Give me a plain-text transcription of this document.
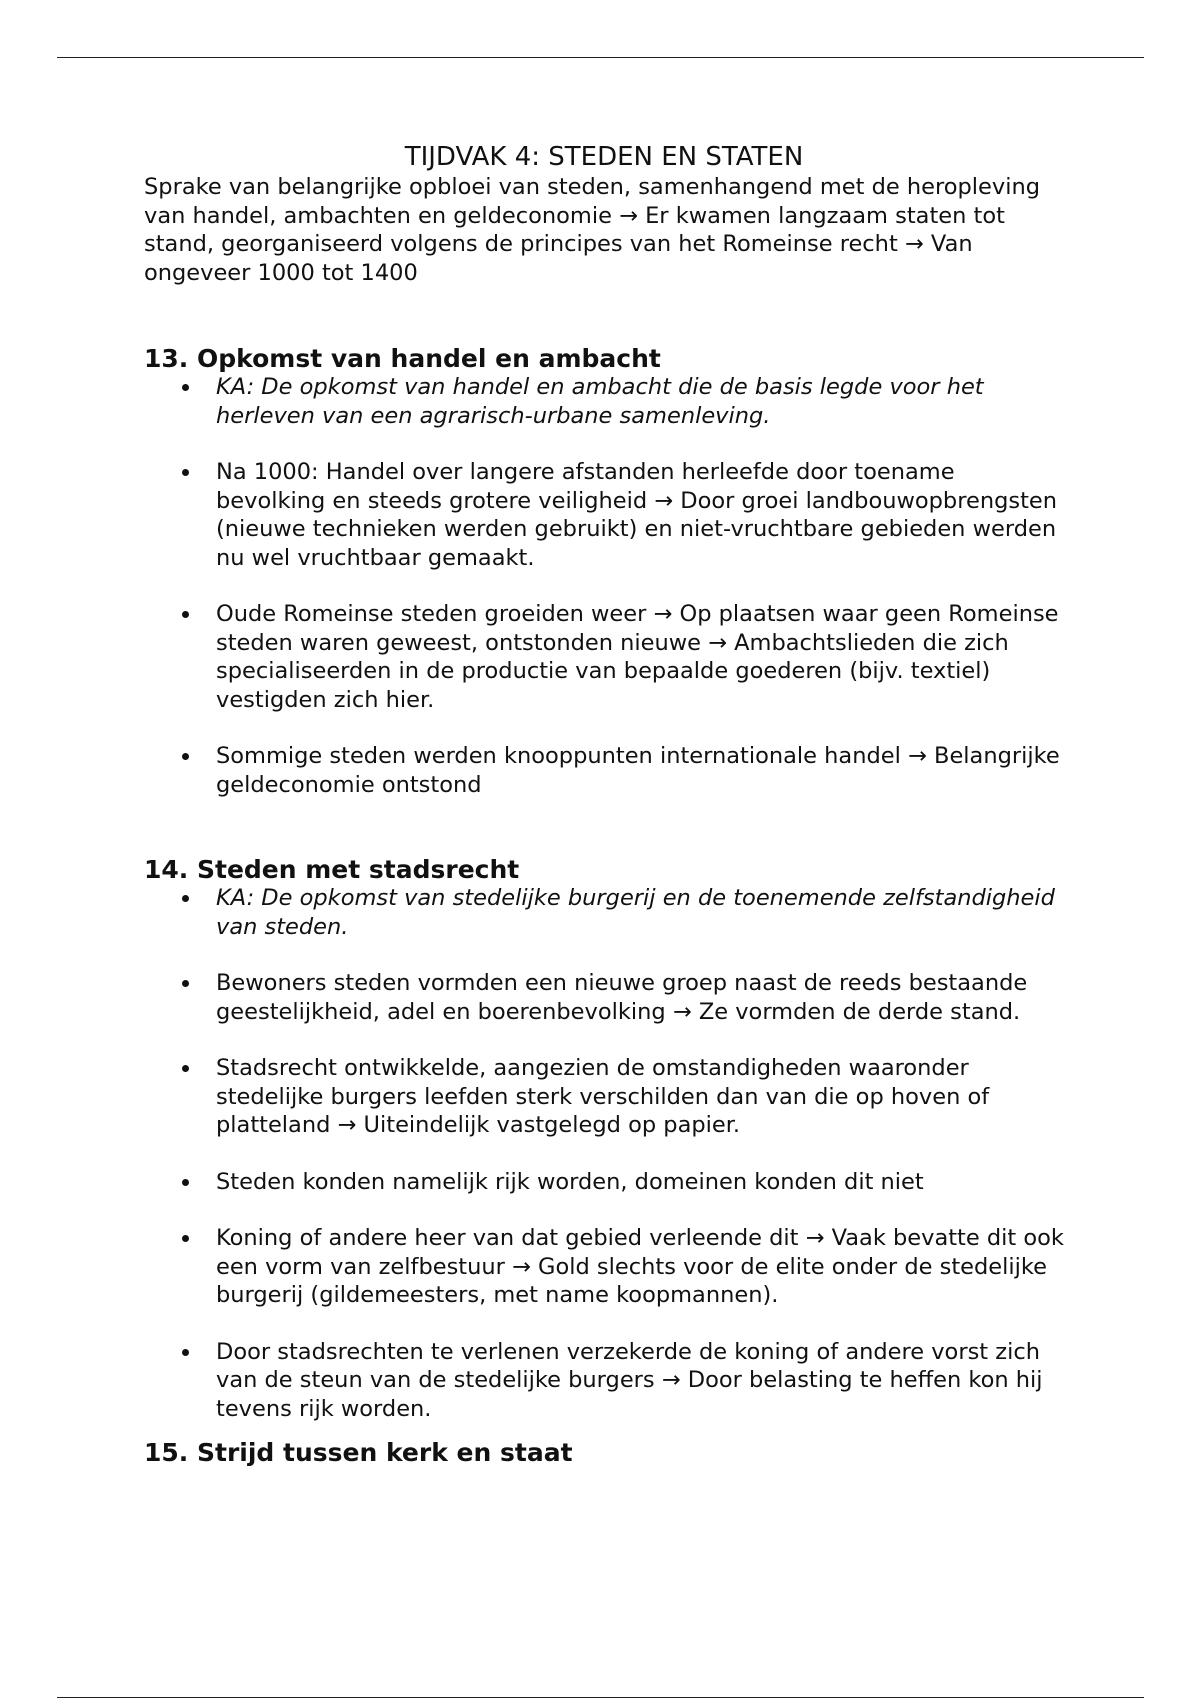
TIJDVAK 4: STEDEN EN STATEN

Sprake van belangrijke opbloei van steden, samenhangend met de heropleving van handel, ambachten en geldeconomie → Er kwamen langzaam staten tot stand, georganiseerd volgens de principes van het Romeinse recht → Van ongeveer 1000 tot 1400

13. Opkomst van handel en ambacht
KA: De opkomst van handel en ambacht die de basis legde voor het herleven van een agrarisch-urbane samenleving.
Na 1000: Handel over langere afstanden herleefde door toename bevolking en steeds grotere veiligheid → Door groei landbouwopbrengsten (nieuwe technieken werden gebruikt) en niet-vruchtbare gebieden werden nu wel vruchtbaar gemaakt.
Oude Romeinse steden groeiden weer → Op plaatsen waar geen Romeinse steden waren geweest, ontstonden nieuwe → Ambachtslieden die zich specialiseerden in de productie van bepaalde goederen (bijv. textiel) vestigden zich hier.
Sommige steden werden knooppunten internationale handel → Belangrijke geldeconomie ontstond
14. Steden met stadsrecht
KA: De opkomst van stedelijke burgerij en de toenemende zelfstandigheid van steden.
Bewoners steden vormden een nieuwe groep naast de reeds bestaande geestelijkheid, adel en boerenbevolking → Ze vormden de derde stand.
Stadsrecht ontwikkelde, aangezien de omstandigheden waaronder stedelijke burgers leefden sterk verschilden dan van die op hoven of platteland → Uiteindelijk vastgelegd op papier.
Steden konden namelijk rijk worden, domeinen konden dit niet
Koning of andere heer van dat gebied verleende dit → Vaak bevatte dit ook een vorm van zelfbestuur → Gold slechts voor de elite onder de stedelijke burgerij (gildemeesters, met name koopmannen).
Door stadsrechten te verlenen verzekerde de koning of andere vorst zich van de steun van de stedelijke burgers → Door belasting te heffen kon hij tevens rijk worden.
15. Strijd tussen kerk en staat
